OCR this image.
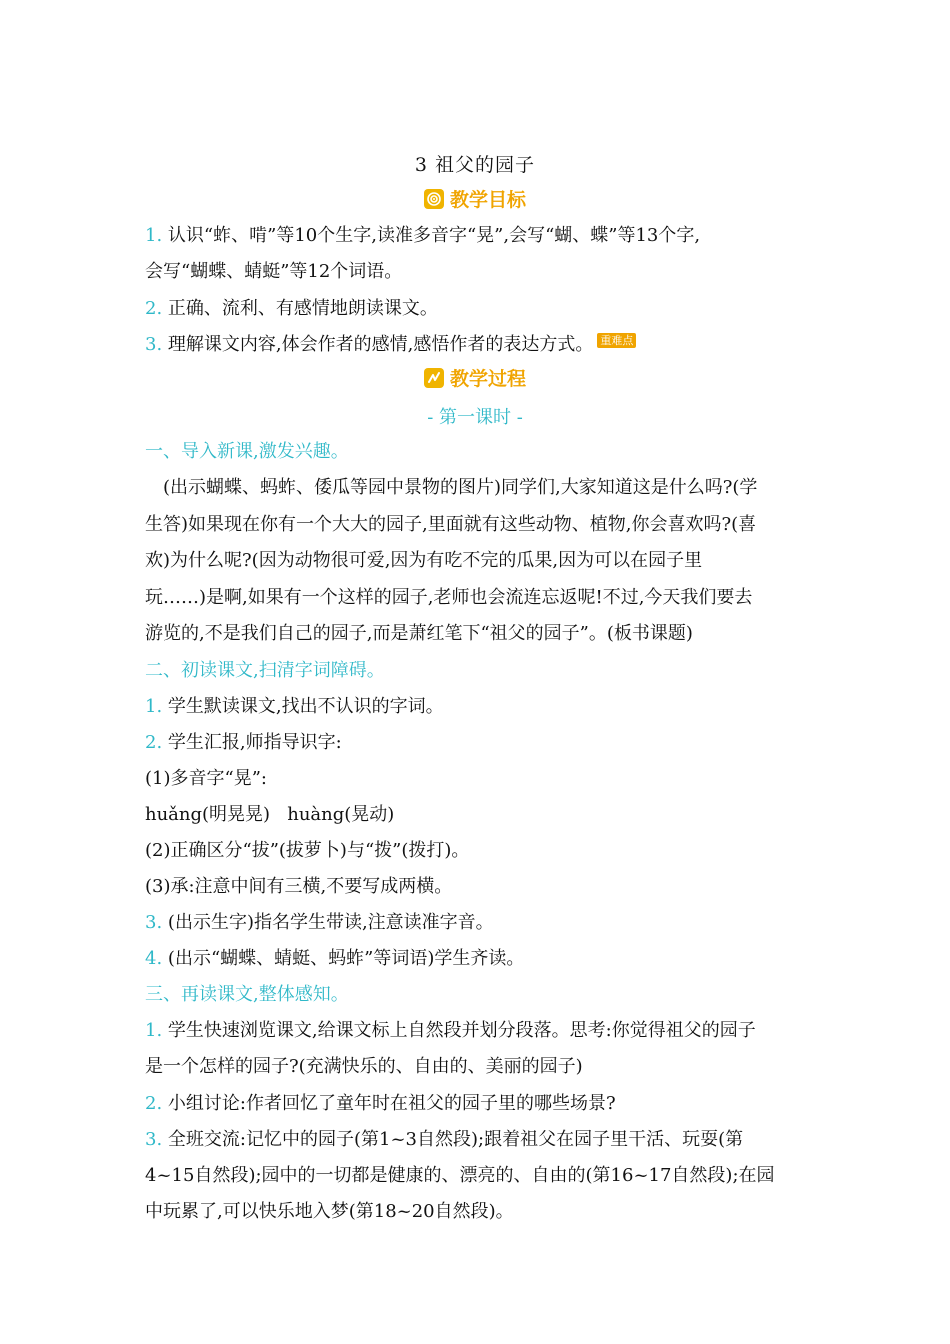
3 祖父的园子
教学目标
1. 认识“蚱、啃”等10个生字,读准多音字“晃”,会写“蝴、蝶”等13个字,
会写“蝴蝶、蜻蜓”等12个词语。
2. 正确、流利、有感情地朗读课文。
3. 理解课文内容,体会作者的感情,感悟作者的表达方式。 重难点
教学过程
- 第一课时 -
一、导入新课,激发兴趣。
(出示蝴蝶、蚂蚱、倭瓜等园中景物的图片)同学们,大家知道这是什么吗?(学
生答)如果现在你有一个大大的园子,里面就有这些动物、植物,你会喜欢吗?(喜
欢)为什么呢?(因为动物很可爱,因为有吃不完的瓜果,因为可以在园子里
玩……)是啊,如果有一个这样的园子,老师也会流连忘返呢!不过,今天我们要去
游览的,不是我们自己的园子,而是萧红笔下“祖父的园子”。(板书课题)
二、初读课文,扫清字词障碍。
1. 学生默读课文,找出不认识的字词。
2. 学生汇报,师指导识字:
(1)多音字“晃”:
huǎng(明晃晃)   huàng(晃动)
(2)正确区分“拔”(拔萝卜)与“拨”(拨打)。
(3)承:注意中间有三横,不要写成两横。
3. (出示生字)指名学生带读,注意读准字音。
4. (出示“蝴蝶、蜻蜓、蚂蚱”等词语)学生齐读。
三、再读课文,整体感知。
1. 学生快速浏览课文,给课文标上自然段并划分段落。思考:你觉得祖父的园子
是一个怎样的园子?(充满快乐的、自由的、美丽的园子)
2. 小组讨论:作者回忆了童年时在祖父的园子里的哪些场景?
3. 全班交流:记忆中的园子(第1~3自然段);跟着祖父在园子里干活、玩耍(第
4~15自然段);园中的一切都是健康的、漂亮的、自由的(第16~17自然段);在园
中玩累了,可以快乐地入梦(第18~20自然段)。
